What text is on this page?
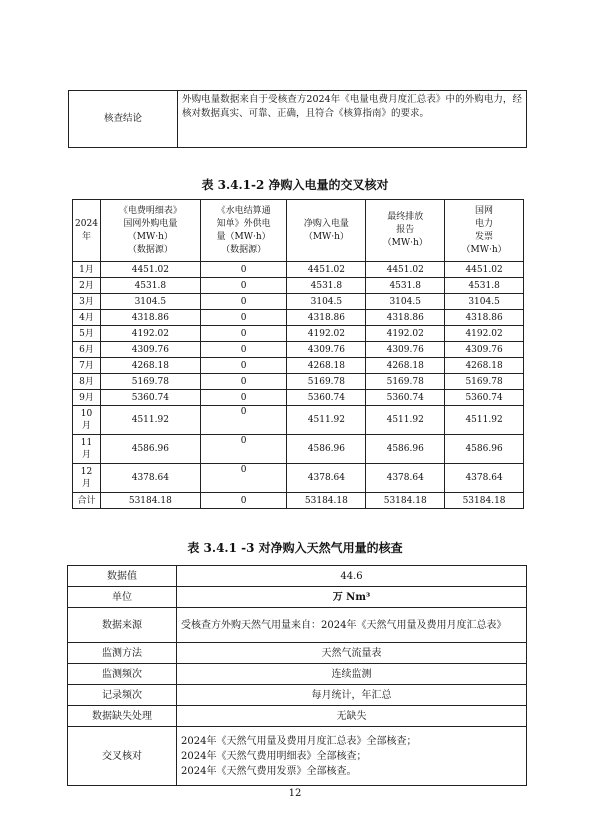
核查结论	外购电量数据来自于受核查方2024年《电量电费月度汇总表》中的外购电力，经核对数据真实、可靠、正确，且符合《核算指南》的要求。
表 3.4.1-2 净购入电量的交叉核对
2024
年	《电费明细表》
国网外购电量
（MW·h）
（数据源）	《水电结算通
知单》外供电
量（MW·h）
（数据源）	净购入电量
（MW·h）	最终排放
报告
（MW·h）	国网
电力
发票
（MW·h）

1月	4451.02	0	4451.02	4451.02	4451.02

2月	4531.8	0	4531.8	4531.8	4531.8

3月	3104.5	0	3104.5	3104.5	3104.5

4月	4318.86	0	4318.86	4318.86	4318.86

5月	4192.02	0	4192.02	4192.02	4192.02

6月	4309.76	0	4309.76	4309.76	4309.76

7月	4268.18	0	4268.18	4268.18	4268.18

8月	5169.78	0	5169.78	5169.78	5169.78

9月	5360.74	0	5360.74	5360.74	5360.74

10
月	4511.92	0	4511.92	4511.92	4511.92

11
月	4586.96	0	4586.96	4586.96	4586.96

12
月	4378.64	0	4378.64	4378.64	4378.64

合计	53184.18	0	53184.18	53184.18	53184.18
表 3.4.1 -3 对净购入天然气用量的核查
数据值	44.6
单位	万 Nm³
数据来源	受核查方外购天然气用量来自：2024年《天然气用量及费用月度汇总表》
监测方法	天然气流量表
监测频次	连续监测
记录频次	每月统计，年汇总
数据缺失处理	无缺失
交叉核对	2024年《天然气用量及费用月度汇总表》全部核查；
2024年《天然气费用明细表》全部核查；
2024年《天然气费用发票》全部核查。
12
